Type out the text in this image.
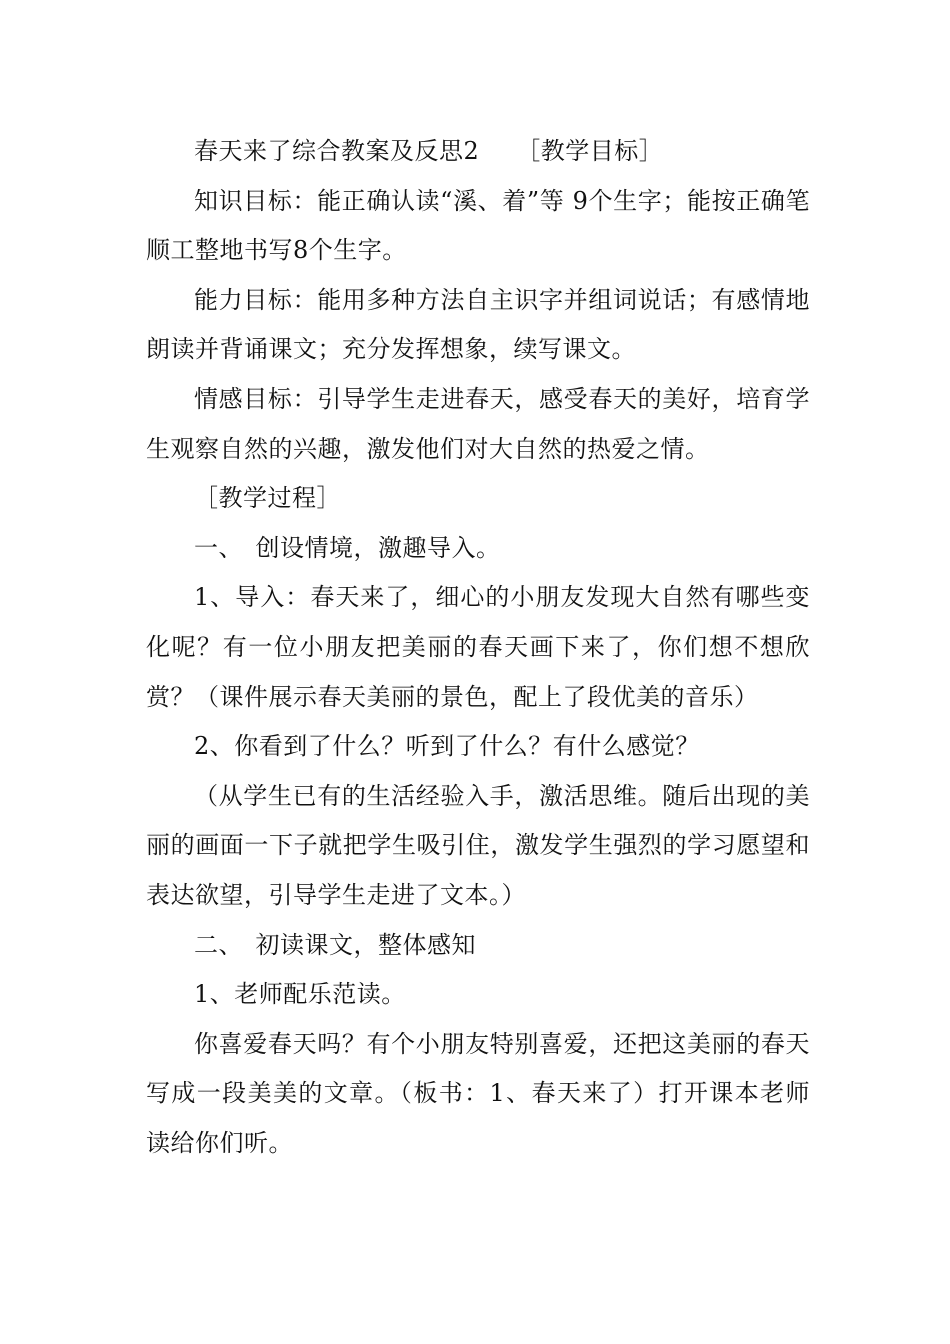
春天来了综合教案及反思2　　［教学目标］

知识目标：能正确认读“溪、着”等 9个生字；能按正确笔顺工整地书写8个生字。

能力目标：能用多种方法自主识字并组词说话；有感情地朗读并背诵课文；充分发挥想象，续写课文。

情感目标：引导学生走进春天，感受春天的美好，培育学生观察自然的兴趣，激发他们对大自然的热爱之情。

［教学过程］

一、　创设情境，激趣导入。

1、导入：春天来了，细心的小朋友发现大自然有哪些变化呢？有一位小朋友把美丽的春天画下来了，你们想不想欣赏？（课件展示春天美丽的景色，配上了段优美的音乐）

2、你看到了什么？听到了什么？有什么感觉？

（从学生已有的生活经验入手，激活思维。随后出现的美丽的画面一下子就把学生吸引住，激发学生强烈的学习愿望和表达欲望，引导学生走进了文本。）

二、　初读课文，整体感知

1、老师配乐范读。

你喜爱春天吗？有个小朋友特别喜爱，还把这美丽的春天写成一段美美的文章。（板书：1、春天来了）打开课本老师读给你们听。
